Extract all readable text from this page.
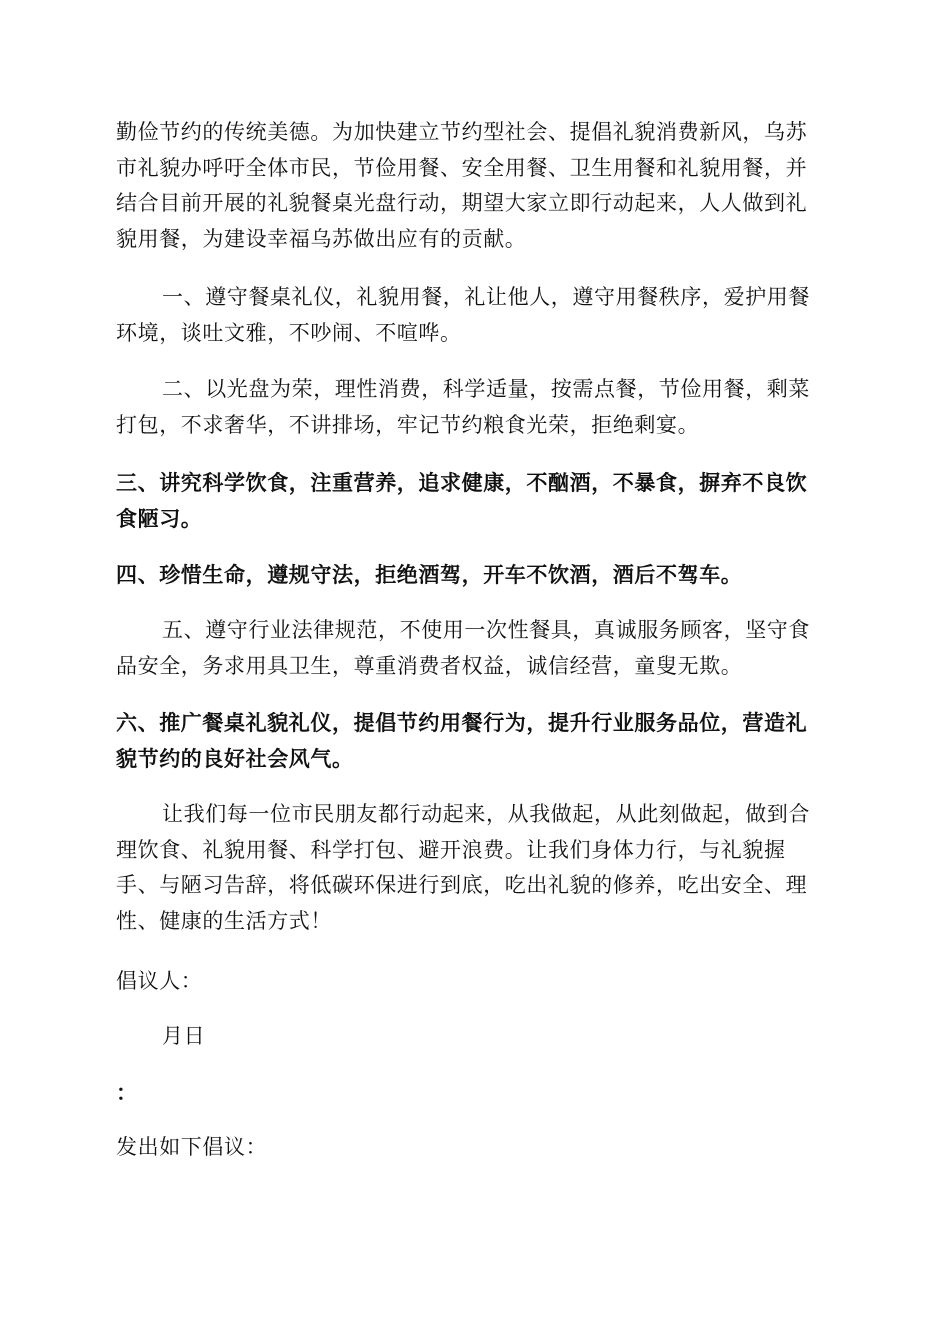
勤俭节约的传统美德。为加快建立节约型社会、提倡礼貌消费新风，乌苏
市礼貌办呼吁全体市民，节俭用餐、安全用餐、卫生用餐和礼貌用餐，并
结合目前开展的礼貌餐桌光盘行动，期望大家立即行动起来，人人做到礼
貌用餐，为建设幸福乌苏做出应有的贡献。

一、遵守餐桌礼仪，礼貌用餐，礼让他人，遵守用餐秩序，爱护用餐
环境，谈吐文雅，不吵闹、不喧哗。

二、以光盘为荣，理性消费，科学适量，按需点餐，节俭用餐，剩菜
打包，不求奢华，不讲排场，牢记节约粮食光荣，拒绝剩宴。

三、讲究科学饮食，注重营养，追求健康，不酗酒，不暴食，摒弃不良饮
食陋习。

四、珍惜生命，遵规守法，拒绝酒驾，开车不饮酒，酒后不驾车。

五、遵守行业法律规范，不使用一次性餐具，真诚服务顾客，坚守食
品安全，务求用具卫生，尊重消费者权益，诚信经营，童叟无欺。

六、推广餐桌礼貌礼仪，提倡节约用餐行为，提升行业服务品位，营造礼
貌节约的良好社会风气。

让我们每一位市民朋友都行动起来，从我做起，从此刻做起，做到合
理饮食、礼貌用餐、科学打包、避开浪费。让我们身体力行，与礼貌握
手、与陋习告辞，将低碳环保进行到底，吃出礼貌的修养，吃出安全、理
性、健康的生活方式！

倡议人：

月日

：

发出如下倡议：
